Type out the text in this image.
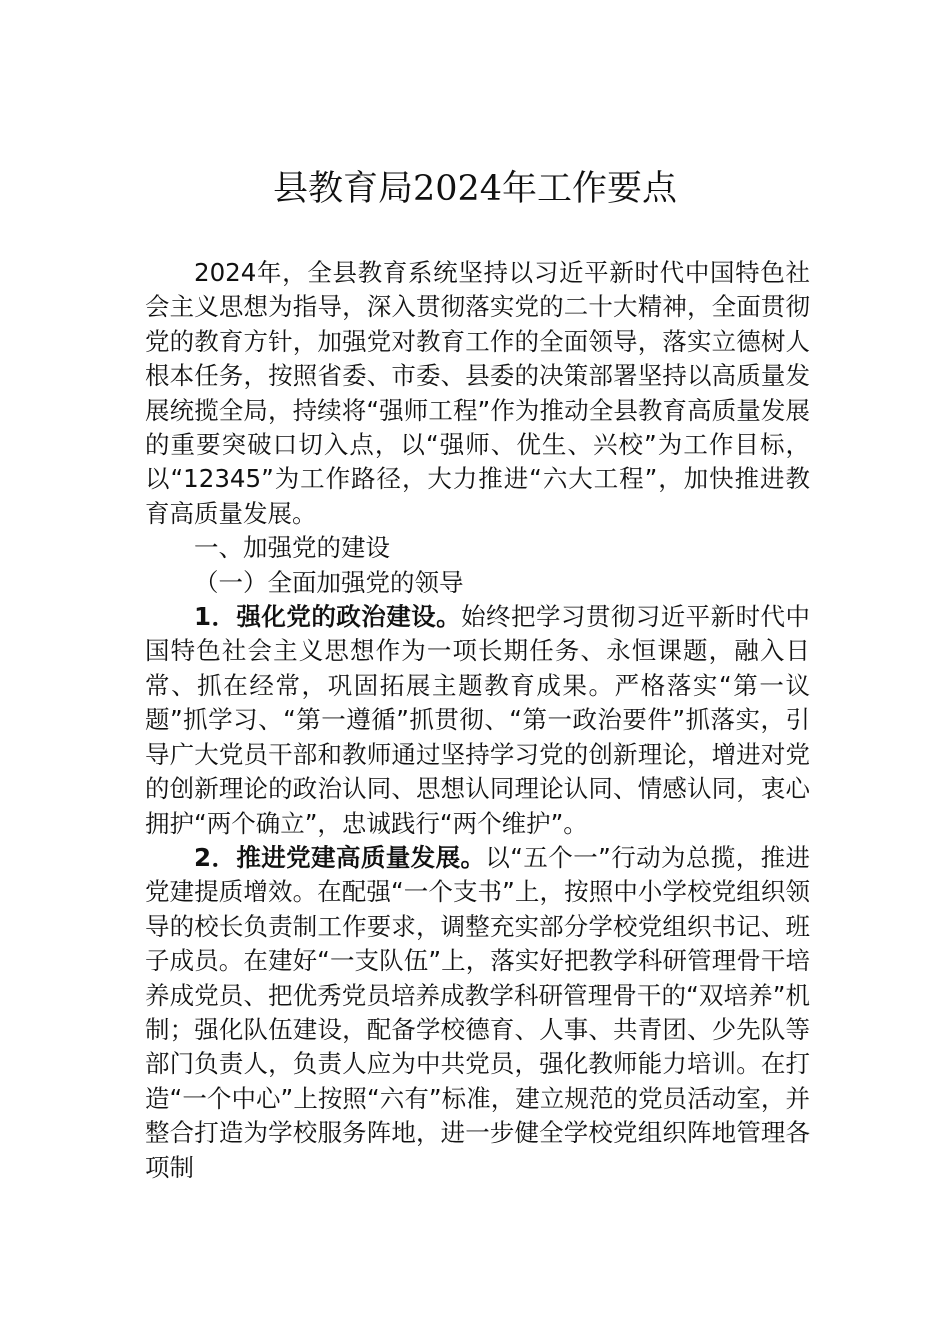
县教育局2024年工作要点

2024年，全县教育系统坚持以习近平新时代中国特色社会主义思想为指导，深入贯彻落实党的二十大精神，全面贯彻党的教育方针，加强党对教育工作的全面领导，落实立德树人根本任务，按照省委、市委、县委的决策部署坚持以高质量发展统揽全局，持续将“强师工程”作为推动全县教育高质量发展的重要突破口切入点，以“强师、优生、兴校”为工作目标，以“12345”为工作路径，大力推进“六大工程”，加快推进教育高质量发展。

一、加强党的建设

（一）全面加强党的领导

1．强化党的政治建设。始终把学习贯彻习近平新时代中国特色社会主义思想作为一项长期任务、永恒课题，融入日常、抓在经常，巩固拓展主题教育成果。严格落实“第一议题”抓学习、“第一遵循”抓贯彻、“第一政治要件”抓落实，引导广大党员干部和教师通过坚持学习党的创新理论，增进对党的创新理论的政治认同、思想认同理论认同、情感认同，衷心拥护“两个确立”，忠诚践行“两个维护”。

2．推进党建高质量发展。以“五个一”行动为总揽，推进党建提质增效。在配强“一个支书”上，按照中小学校党组织领导的校长负责制工作要求，调整充实部分学校党组织书记、班子成员。在建好“一支队伍”上，落实好把教学科研管理骨干培养成党员、把优秀党员培养成教学科研管理骨干的“双培养”机制；强化队伍建设，配备学校德育、人事、共青团、少先队等部门负责人，负责人应为中共党员，强化教师能力培训。在打造“一个中心”上按照“六有”标准，建立规范的党员活动室，并整合打造为学校服务阵地，进一步健全学校党组织阵地管理各项制
